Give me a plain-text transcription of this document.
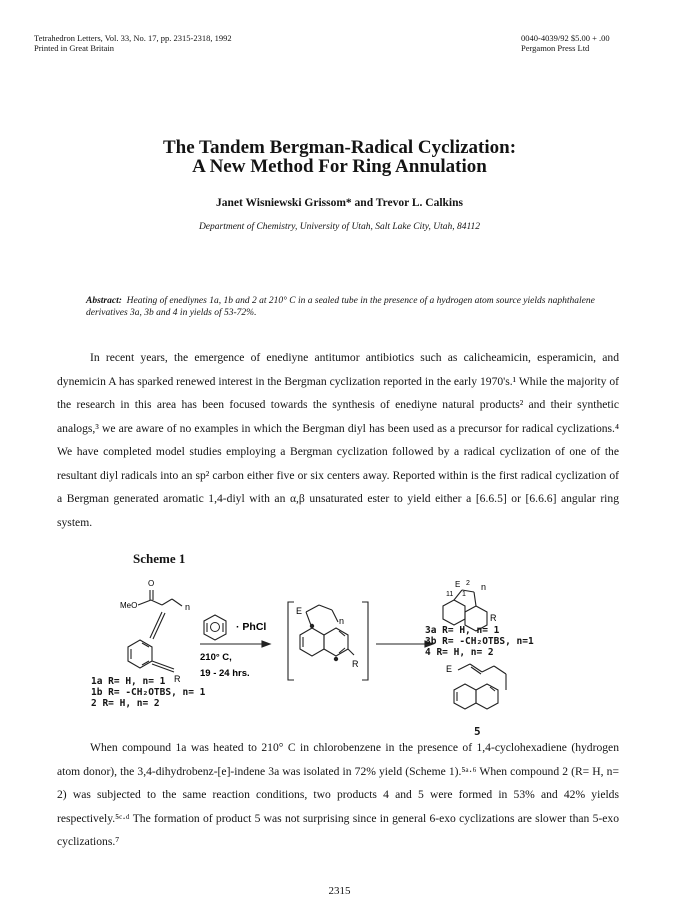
Tetrahedron Letters, Vol. 33, No. 17, pp. 2315-2318, 1992
Printed in Great Britain
0040-4039/92 $5.00 + .00
Pergamon Press Ltd
The Tandem Bergman-Radical Cyclization:
A New Method For Ring Annulation
Janet Wisniewski Grissom* and Trevor L. Calkins
Department of Chemistry, University of Utah, Salt Lake City, Utah, 84112
Abstract: Heating of enediynes 1a, 1b and 2 at 210° C in a sealed tube in the presence of a hydrogen atom source yields naphthalene derivatives 3a, 3b and 4 in yields of 53-72%.

In recent years, the emergence of enediyne antitumor antibiotics such as calicheamicin, esperamicin, and dynemicin A has sparked renewed interest in the Bergman cyclization reported in the early 1970's.¹ While the majority of the research in this area has been focused towards the synthesis of enediyne natural products² and their synthetic analogs,³ we are aware of no examples in which the Bergman diyl has been used as a precursor for radical cyclizations.⁴ We have completed model studies employing a Bergman cyclization followed by a radical cyclization of one of the resultant diyl radicals into an sp² carbon either five or six centers away. Reported within is the first radical cyclization of a Bergman generated aromatic 1,4-diyl with an α,β unsaturated ester to yield either a [6.6.5] or [6.6.6] angular ring system.

Scheme 1
O
MeO	n
R
· PhCl
210° C,
19 - 24 hrs.
E
n
R
E 2
11 1
n
R
E
1a R= H, n= 1
1b R= -CH₂OTBS, n= 1
2 R= H, n= 2
3a R= H, n= 1
3b R= -CH₂OTBS, n=1
4 R= H, n= 2
5

When compound 1a was heated to 210° C in chlorobenzene in the presence of 1,4-cyclohexadiene (hydrogen atom donor), the 3,4-dihydrobenz-[e]-indene 3a was isolated in 72% yield (Scheme 1).⁵ᵃ·⁶ When compound 2 (R= H, n= 2) was subjected to the same reaction conditions, two products 4 and 5 were formed in 53% and 42% yields respectively.⁵ᶜ·ᵈ The formation of product 5 was not surprising since in general 6-exo cyclizations are slower than 5-exo cyclizations.⁷

2315
